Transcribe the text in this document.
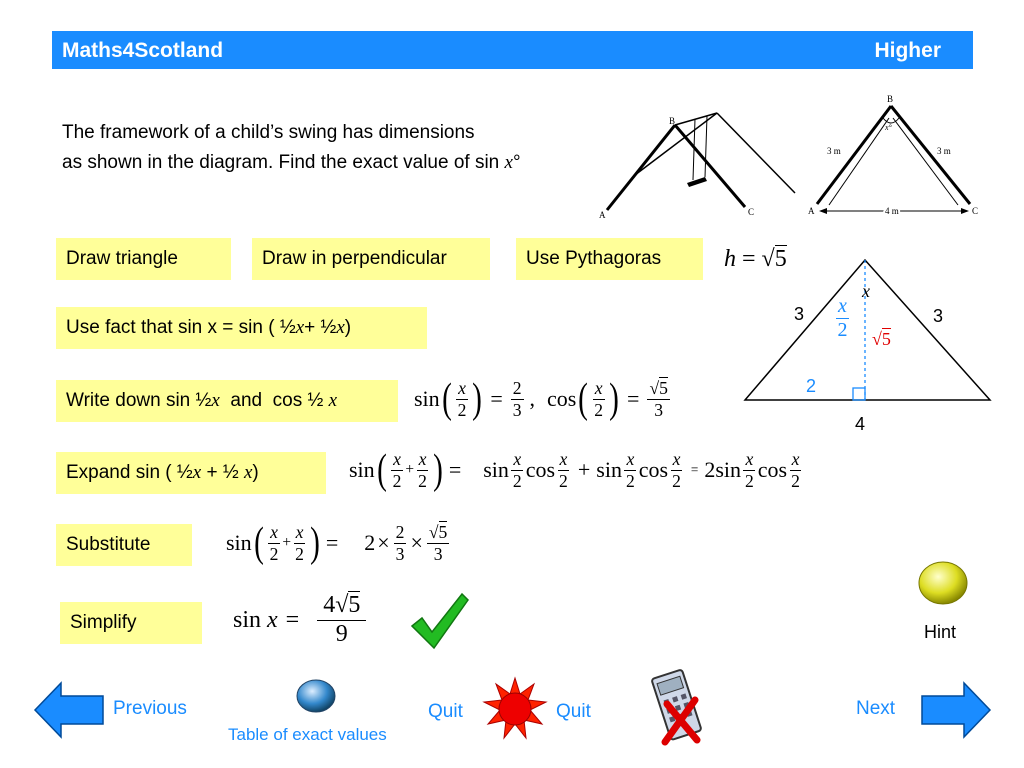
Maths4Scotland	Higher
The framework of a child’s swing has dimensions
as shown in the diagram. Find the exact value of sin x°
A
B
C
B
A	C
x°
3 m	3 m
4 m
Draw triangle	Draw in perpendicular	Use Pythagoras	h = √5
x
3	3
x
2 √5
2
4
Use fact that sin x = sin ( ½ x + ½ x )
Write down sin ½ x and  cos ½ x	sin ( $\frac{x}{2}$ ) = $\frac{2}{3}$ , cos ( $\frac{x}{2}$ ) = $\frac{√5}{3}$
Expand sin ( ½ x + ½ x )	sin ( $\frac{x}{2} + \frac{x}{2}$ ) = $\sin \frac{x}{2}$ $\cos \frac{x}{2} + \sin \frac{x}{2}$ $\cos \frac{x}{2} = 2$ $\sin \frac{x}{2}$ $\cos \frac{x}{2}$
Substitute	sin ( $\frac{x}{2} + \frac{x}{2}$ ) = $2 \times \frac{2}{3} \times \frac{√5}{3}$
Simplify	sin
$x = \frac{4√5}{9}$	Hint
Previous
Table of exact values
Quit	Quit	Next
